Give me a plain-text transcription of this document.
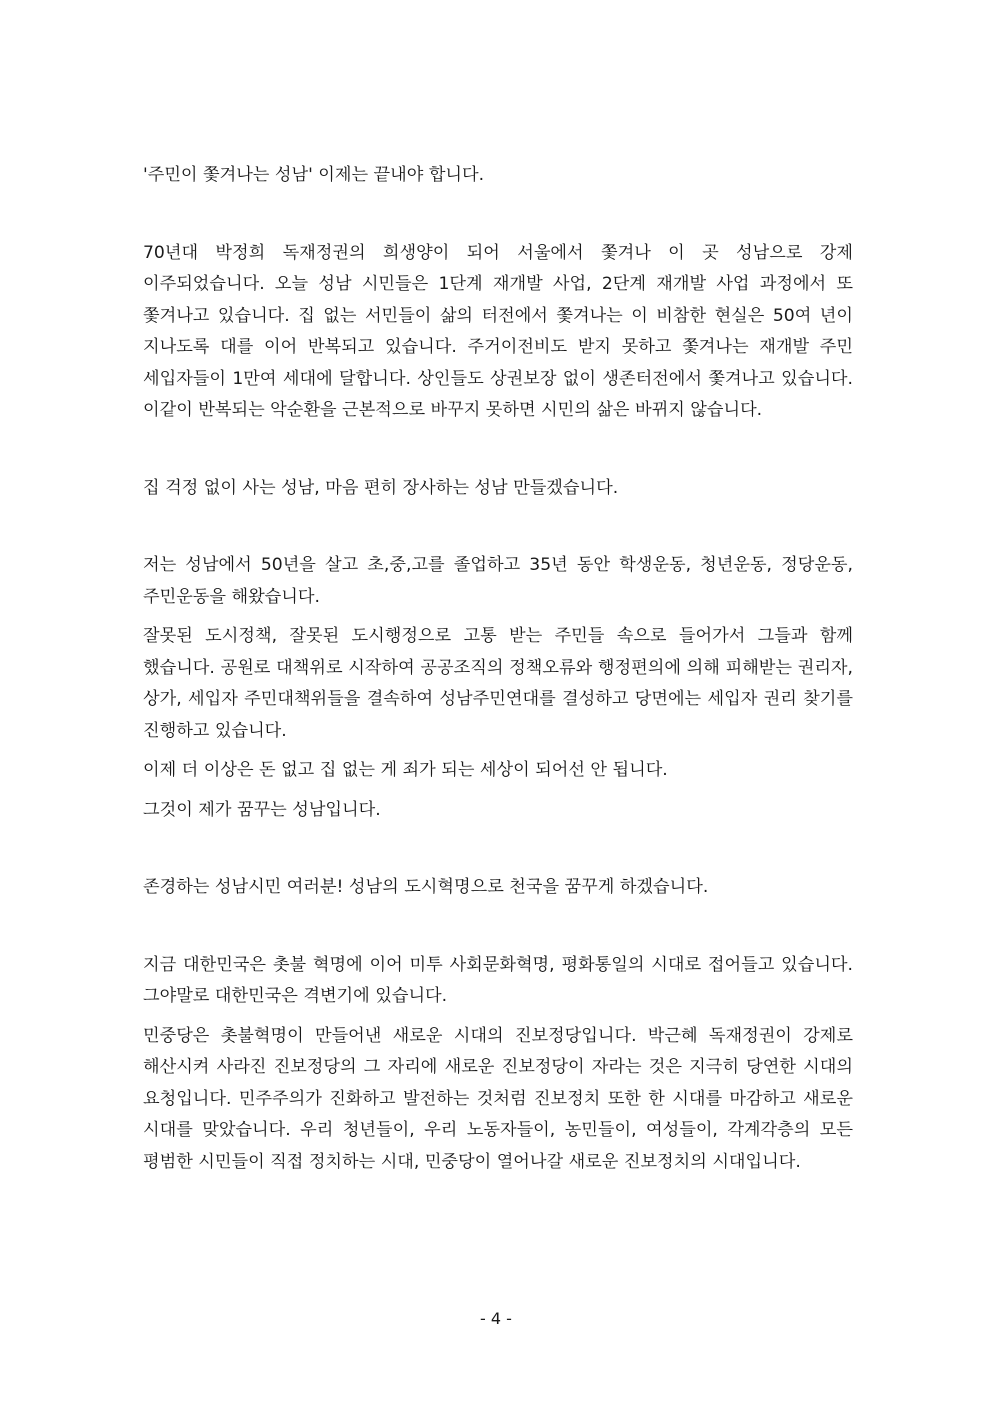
'주민이 쫓겨나는 성남' 이제는 끝내야 합니다.

70년대 박정희 독재정권의 희생양이 되어 서울에서 쫓겨나 이 곳 성남으로 강제 이주되었습니다. 오늘 성남 시민들은 1단계 재개발 사업, 2단계 재개발 사업 과정에서 또 쫓겨나고 있습니다. 집 없는 서민들이 삶의 터전에서 쫓겨나는 이 비참한 현실은 50여 년이 지나도록 대를 이어 반복되고 있습니다. 주거이전비도 받지 못하고 쫓겨나는 재개발 주민 세입자들이 1만여 세대에 달합니다. 상인들도 상권보장 없이 생존터전에서 쫓겨나고 있습니다. 이같이 반복되는 악순환을 근본적으로 바꾸지 못하면 시민의 삶은 바뀌지 않습니다.

집 걱정 없이 사는 성남, 마음 편히 장사하는 성남 만들겠습니다.

저는 성남에서 50년을 살고 초,중,고를 졸업하고 35년 동안 학생운동, 청년운동, 정당운동, 주민운동을 해왔습니다.

잘못된 도시정책, 잘못된 도시행정으로 고통 받는 주민들 속으로 들어가서 그들과 함께 했습니다. 공원로 대책위로 시작하여 공공조직의 정책오류와 행정편의에 의해 피해받는 권리자, 상가, 세입자 주민대책위들을 결속하여 성남주민연대를 결성하고 당면에는 세입자 권리 찾기를 진행하고 있습니다.

이제 더 이상은 돈 없고 집 없는 게 죄가 되는 세상이 되어선 안 됩니다.

그것이 제가 꿈꾸는 성남입니다.

존경하는 성남시민 여러분! 성남의 도시혁명으로 천국을 꿈꾸게 하겠습니다.

지금 대한민국은 촛불 혁명에 이어 미투 사회문화혁명, 평화통일의 시대로 접어들고 있습니다. 그야말로 대한민국은 격변기에 있습니다.

민중당은 촛불혁명이 만들어낸 새로운 시대의 진보정당입니다. 박근혜 독재정권이 강제로 해산시켜 사라진 진보정당의 그 자리에 새로운 진보정당이 자라는 것은 지극히 당연한 시대의 요청입니다. 민주주의가 진화하고 발전하는 것처럼 진보정치 또한 한 시대를 마감하고 새로운 시대를 맞았습니다. 우리 청년들이, 우리 노동자들이, 농민들이, 여성들이, 각계각층의 모든 평범한 시민들이 직접 정치하는 시대, 민중당이 열어나갈 새로운 진보정치의 시대입니다.

- 4 -
